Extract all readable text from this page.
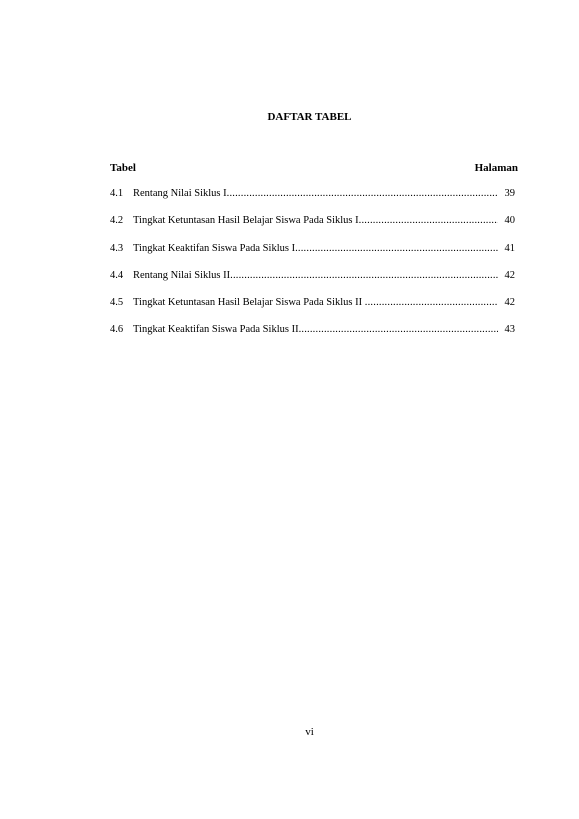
DAFTAR TABEL
Tabel	Halaman
4.1 Rentang Nilai Siklus I .....	39
4.2 Tingkat Ketuntasan Hasil Belajar Siswa Pada Siklus I .....	40
4.3 Tingkat Keaktifan Siswa Pada Siklus I .....	41
4.4 Rentang Nilai Siklus II .....	42
4.5 Tingkat Ketuntasan Hasil Belajar Siswa Pada Siklus II .....	42
4.6 Tingkat Keaktifan Siswa Pada Siklus II .....	43
vi
